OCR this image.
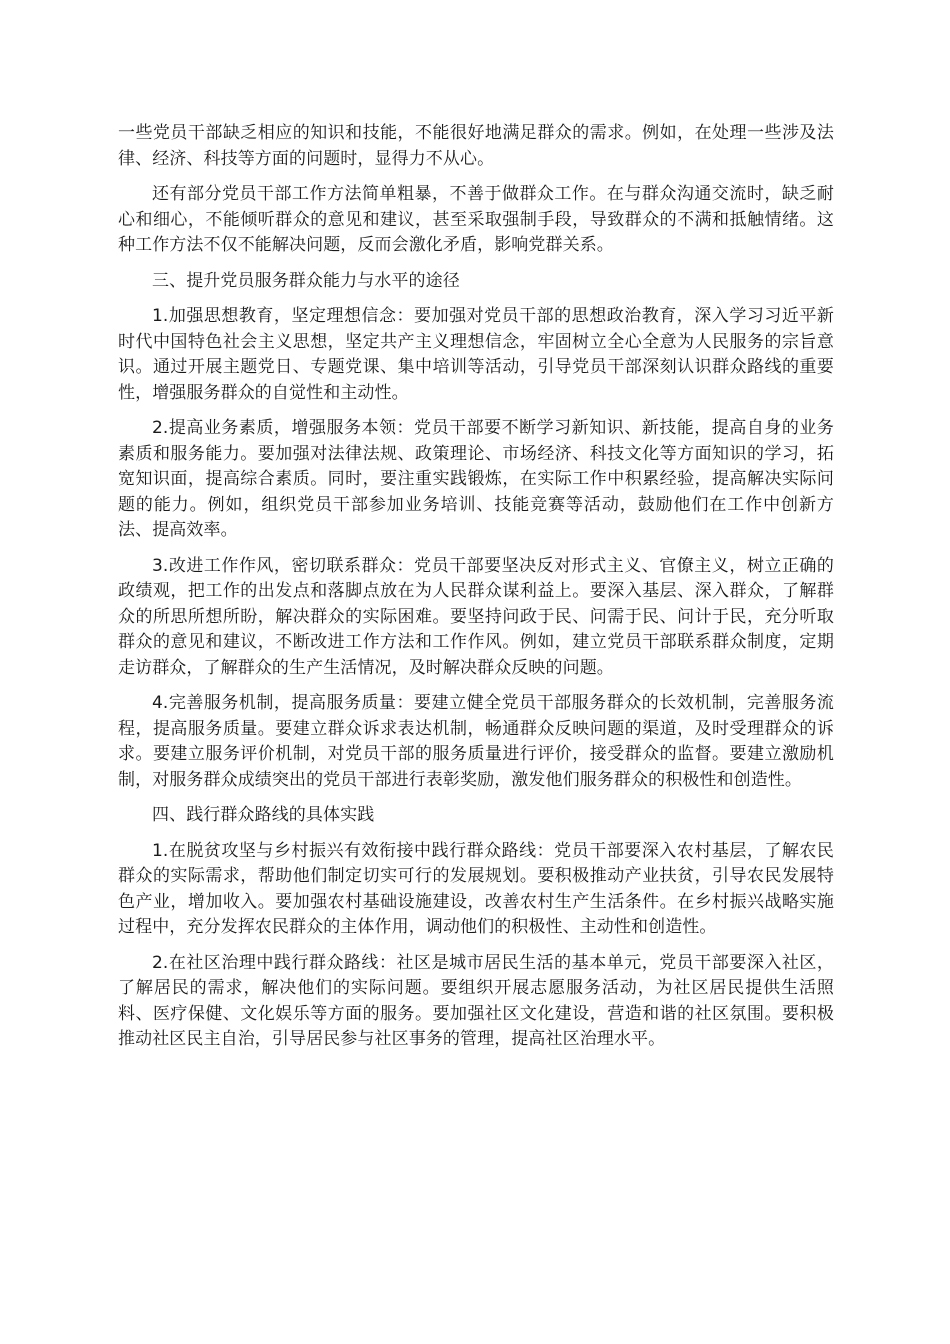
一些党员干部缺乏相应的知识和技能，不能很好地满足群众的需求。例如，在处理一些涉及法律、经济、科技等方面的问题时，显得力不从心。

还有部分党员干部工作方法简单粗暴，不善于做群众工作。在与群众沟通交流时，缺乏耐心和细心，不能倾听群众的意见和建议，甚至采取强制手段，导致群众的不满和抵触情绪。这种工作方法不仅不能解决问题，反而会激化矛盾，影响党群关系。

三、提升党员服务群众能力与水平的途径

1.加强思想教育，坚定理想信念：要加强对党员干部的思想政治教育，深入学习习近平新时代中国特色社会主义思想，坚定共产主义理想信念，牢固树立全心全意为人民服务的宗旨意识。通过开展主题党日、专题党课、集中培训等活动，引导党员干部深刻认识群众路线的重要性，增强服务群众的自觉性和主动性。

2.提高业务素质，增强服务本领：党员干部要不断学习新知识、新技能，提高自身的业务素质和服务能力。要加强对法律法规、政策理论、市场经济、科技文化等方面知识的学习，拓宽知识面，提高综合素质。同时，要注重实践锻炼，在实际工作中积累经验，提高解决实际问题的能力。例如，组织党员干部参加业务培训、技能竞赛等活动，鼓励他们在工作中创新方法、提高效率。

3.改进工作作风，密切联系群众：党员干部要坚决反对形式主义、官僚主义，树立正确的政绩观，把工作的出发点和落脚点放在为人民群众谋利益上。要深入基层、深入群众，了解群众的所思所想所盼，解决群众的实际困难。要坚持问政于民、问需于民、问计于民，充分听取群众的意见和建议，不断改进工作方法和工作作风。例如，建立党员干部联系群众制度，定期走访群众，了解群众的生产生活情况，及时解决群众反映的问题。

4.完善服务机制，提高服务质量：要建立健全党员干部服务群众的长效机制，完善服务流程，提高服务质量。要建立群众诉求表达机制，畅通群众反映问题的渠道，及时受理群众的诉求。要建立服务评价机制，对党员干部的服务质量进行评价，接受群众的监督。要建立激励机制，对服务群众成绩突出的党员干部进行表彰奖励，激发他们服务群众的积极性和创造性。

四、践行群众路线的具体实践

1.在脱贫攻坚与乡村振兴有效衔接中践行群众路线：党员干部要深入农村基层，了解农民群众的实际需求，帮助他们制定切实可行的发展规划。要积极推动产业扶贫，引导农民发展特色产业，增加收入。要加强农村基础设施建设，改善农村生产生活条件。在乡村振兴战略实施过程中，充分发挥农民群众的主体作用，调动他们的积极性、主动性和创造性。

2.在社区治理中践行群众路线：社区是城市居民生活的基本单元，党员干部要深入社区，了解居民的需求，解决他们的实际问题。要组织开展志愿服务活动，为社区居民提供生活照料、医疗保健、文化娱乐等方面的服务。要加强社区文化建设，营造和谐的社区氛围。要积极推动社区民主自治，引导居民参与社区事务的管理，提高社区治理水平。
